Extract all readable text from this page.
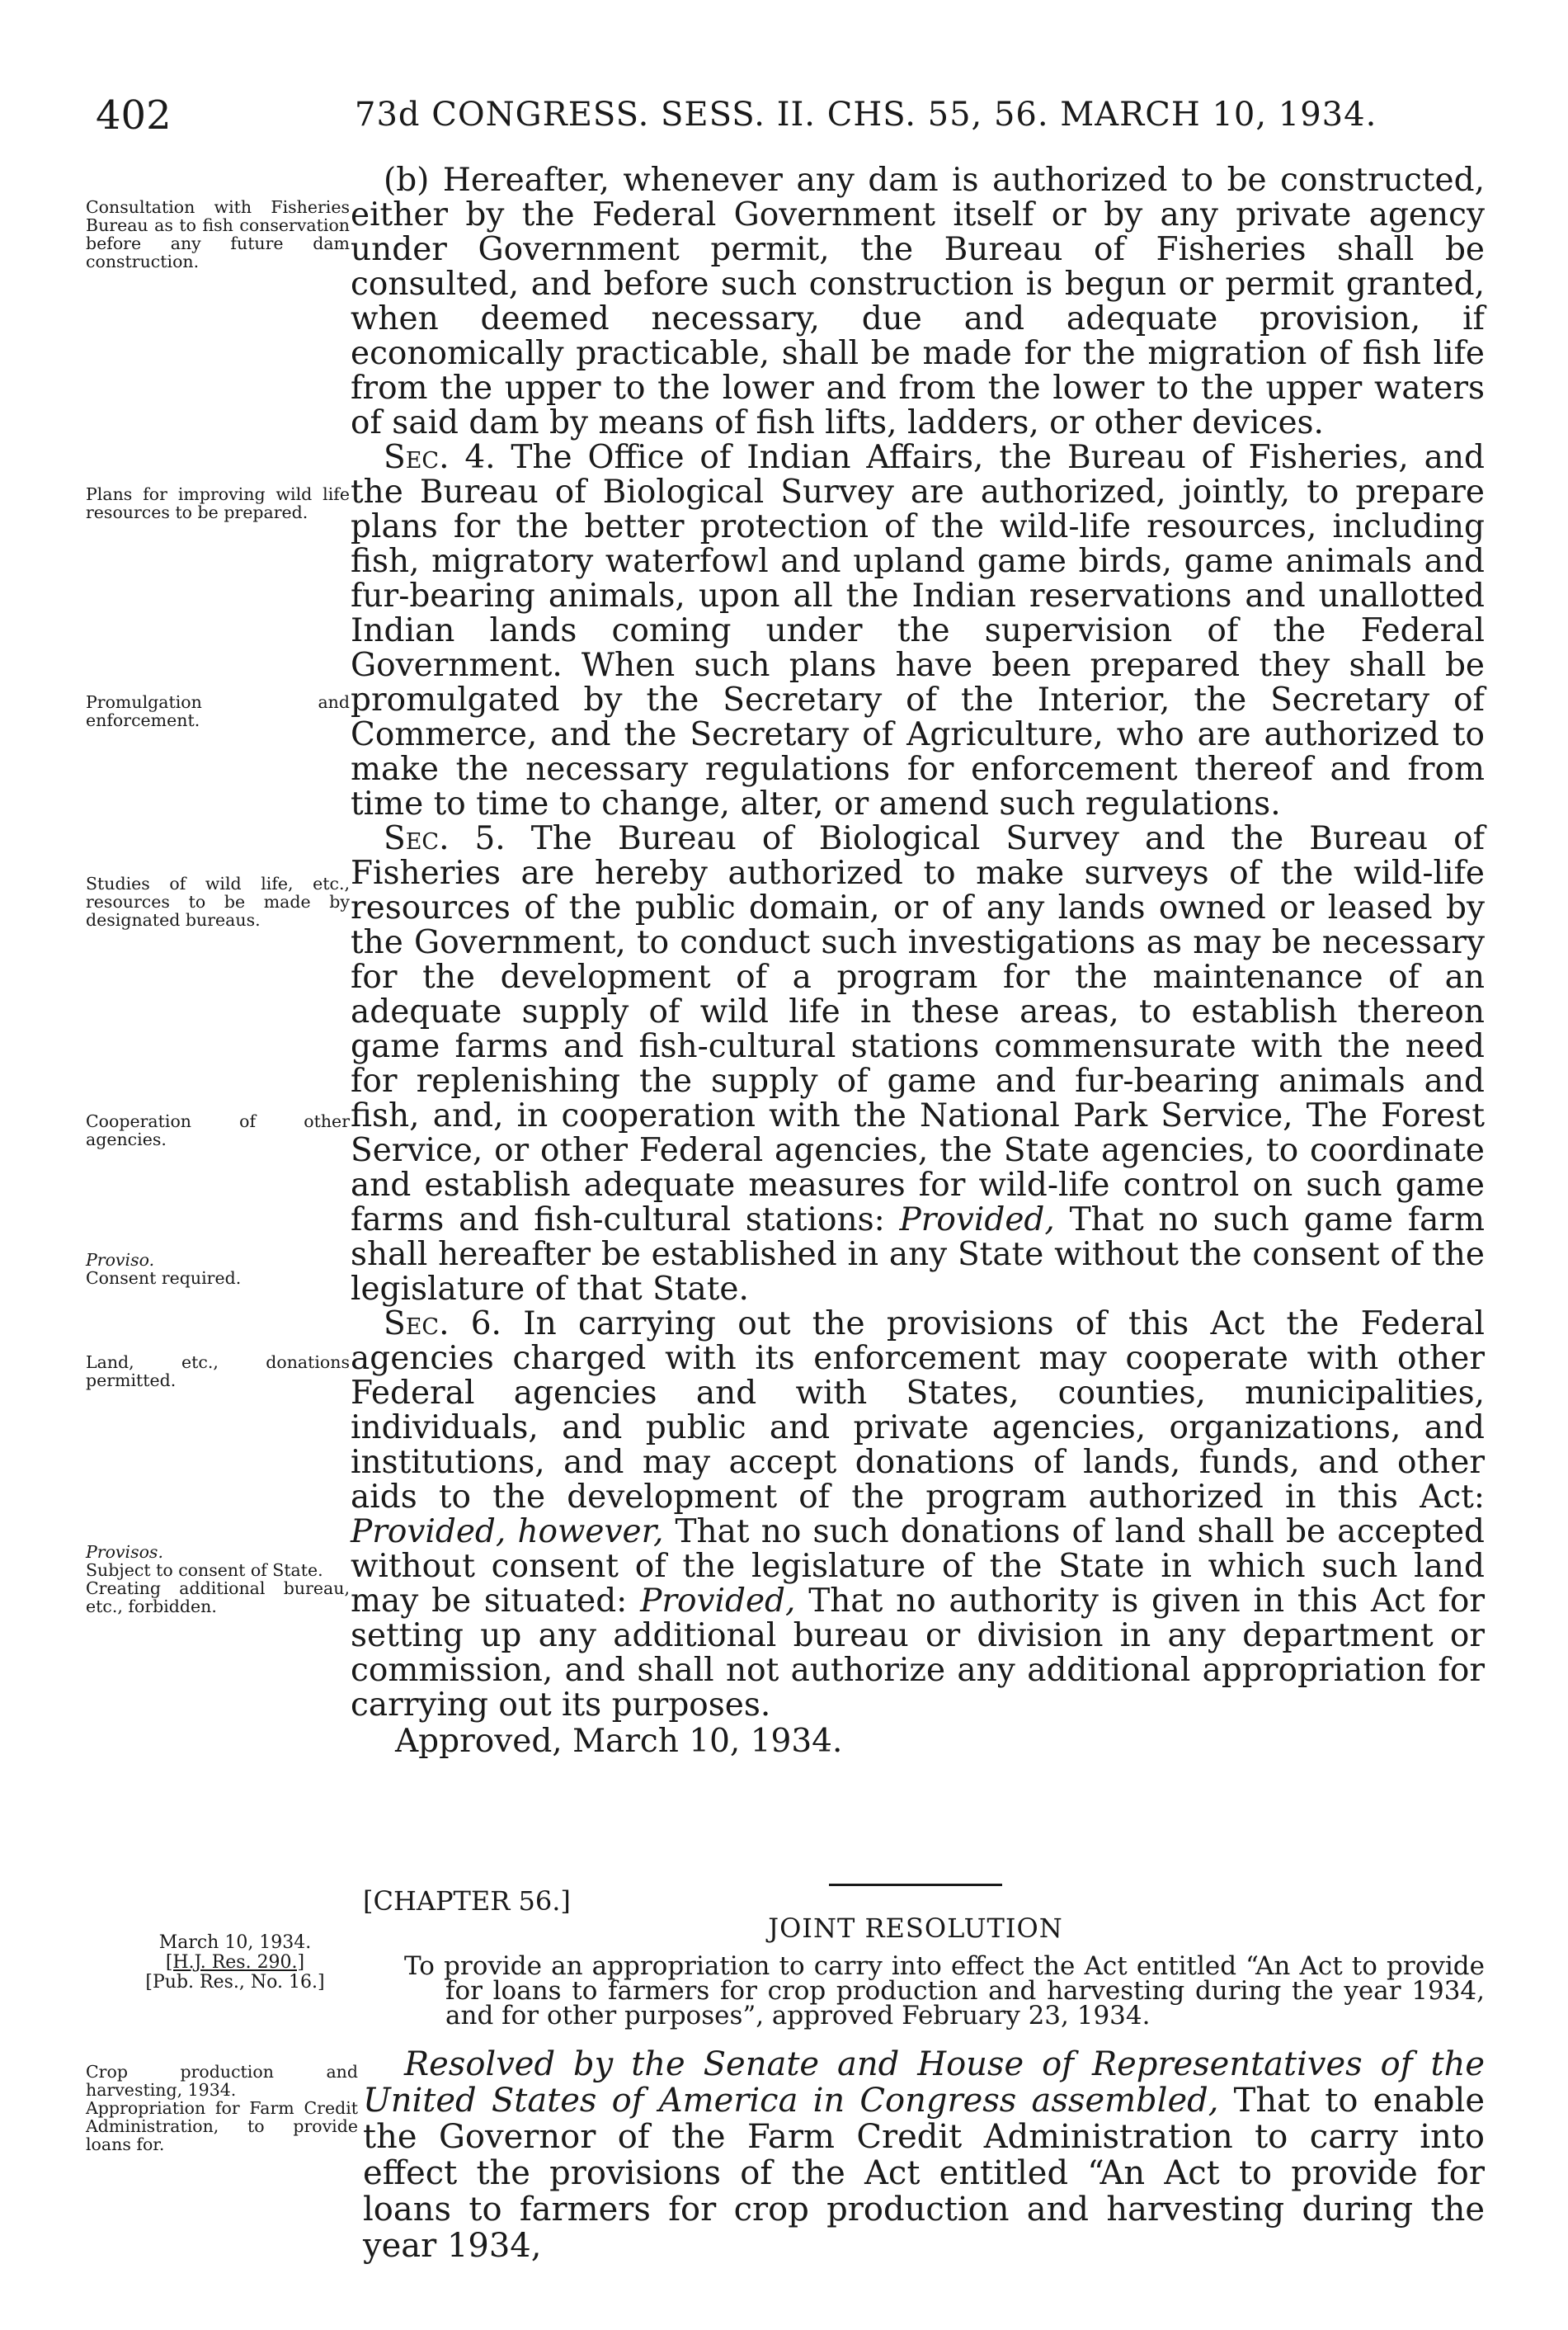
402	73d CONGRESS. SESS. II. CHS. 55, 56. MARCH 10, 1934.

Consultation with Fisheries Bureau as to fish conservation before any future dam construction.

Plans for improving wild life resources to be prepared.

Promulgation and enforcement.

Studies of wild life, etc., resources to be made by designated bureaus.

Cooperation of other agencies.

Proviso.

Consent required.

Land, etc., donations permitted.

Provisos.

Subject to consent of State.

Creating additional bureau, etc., forbidden.

(b) Hereafter, whenever any dam is authorized to be constructed, either by the Federal Government itself or by any private agency under Government permit, the Bureau of Fisheries shall be consulted, and before such construction is begun or permit granted, when deemed necessary, due and adequate provision, if economically practicable, shall be made for the migration of fish life from the upper to the lower and from the lower to the upper waters of said dam by means of fish lifts, ladders, or other devices.

Sec. 4. The Office of Indian Affairs, the Bureau of Fisheries, and the Bureau of Biological Survey are authorized, jointly, to prepare plans for the better protection of the wild-life resources, including fish, migratory waterfowl and upland game birds, game animals and fur-bearing animals, upon all the Indian reservations and unallotted Indian lands coming under the supervision of the Federal Government. When such plans have been prepared they shall be promulgated by the Secretary of the Interior, the Secretary of Commerce, and the Secretary of Agriculture, who are authorized to make the necessary regulations for enforcement thereof and from time to time to change, alter, or amend such regulations.

Sec. 5. The Bureau of Biological Survey and the Bureau of Fisheries are hereby authorized to make surveys of the wild-life resources of the public domain, or of any lands owned or leased by the Government, to conduct such investigations as may be necessary for the development of a program for the maintenance of an adequate supply of wild life in these areas, to establish thereon game farms and fish-cultural stations commensurate with the need for replenishing the supply of game and fur-bearing animals and fish, and, in cooperation with the National Park Service, The Forest Service, or other Federal agencies, the State agencies, to coordinate and establish adequate measures for wild-life control on such game farms and fish-cultural stations: Provided, That no such game farm shall hereafter be established in any State without the consent of the legislature of that State.

Sec. 6. In carrying out the provisions of this Act the Federal agencies charged with its enforcement may cooperate with other Federal agencies and with States, counties, municipalities, individuals, and public and private agencies, organizations, and institutions, and may accept donations of lands, funds, and other aids to the development of the program authorized in this Act: Provided, however, That no such donations of land shall be accepted without consent of the legislature of the State in which such land may be situated: Provided, That no authority is given in this Act for setting up any additional bureau or division in any department or commission, and shall not authorize any additional appropriation for carrying out its purposes.

Approved, March 10, 1934.

[CHAPTER 56.]
JOINT RESOLUTION
March 10, 1934.
[H.J. Res. 290.]
[Pub. Res., No. 16.]

To provide an appropriation to carry into effect the Act entitled “An Act to provide for loans to farmers for crop production and harvesting during the year 1934, and for other purposes”, approved February 23, 1934.

Crop production and harvesting, 1934.

Appropriation for Farm Credit Administration, to provide loans for.

Resolved by the Senate and House of Representatives of the United States of America in Congress assembled, That to enable the Governor of the Farm Credit Administration to carry into effect the provisions of the Act entitled “An Act to provide for loans to farmers for crop production and harvesting during the year 1934,
